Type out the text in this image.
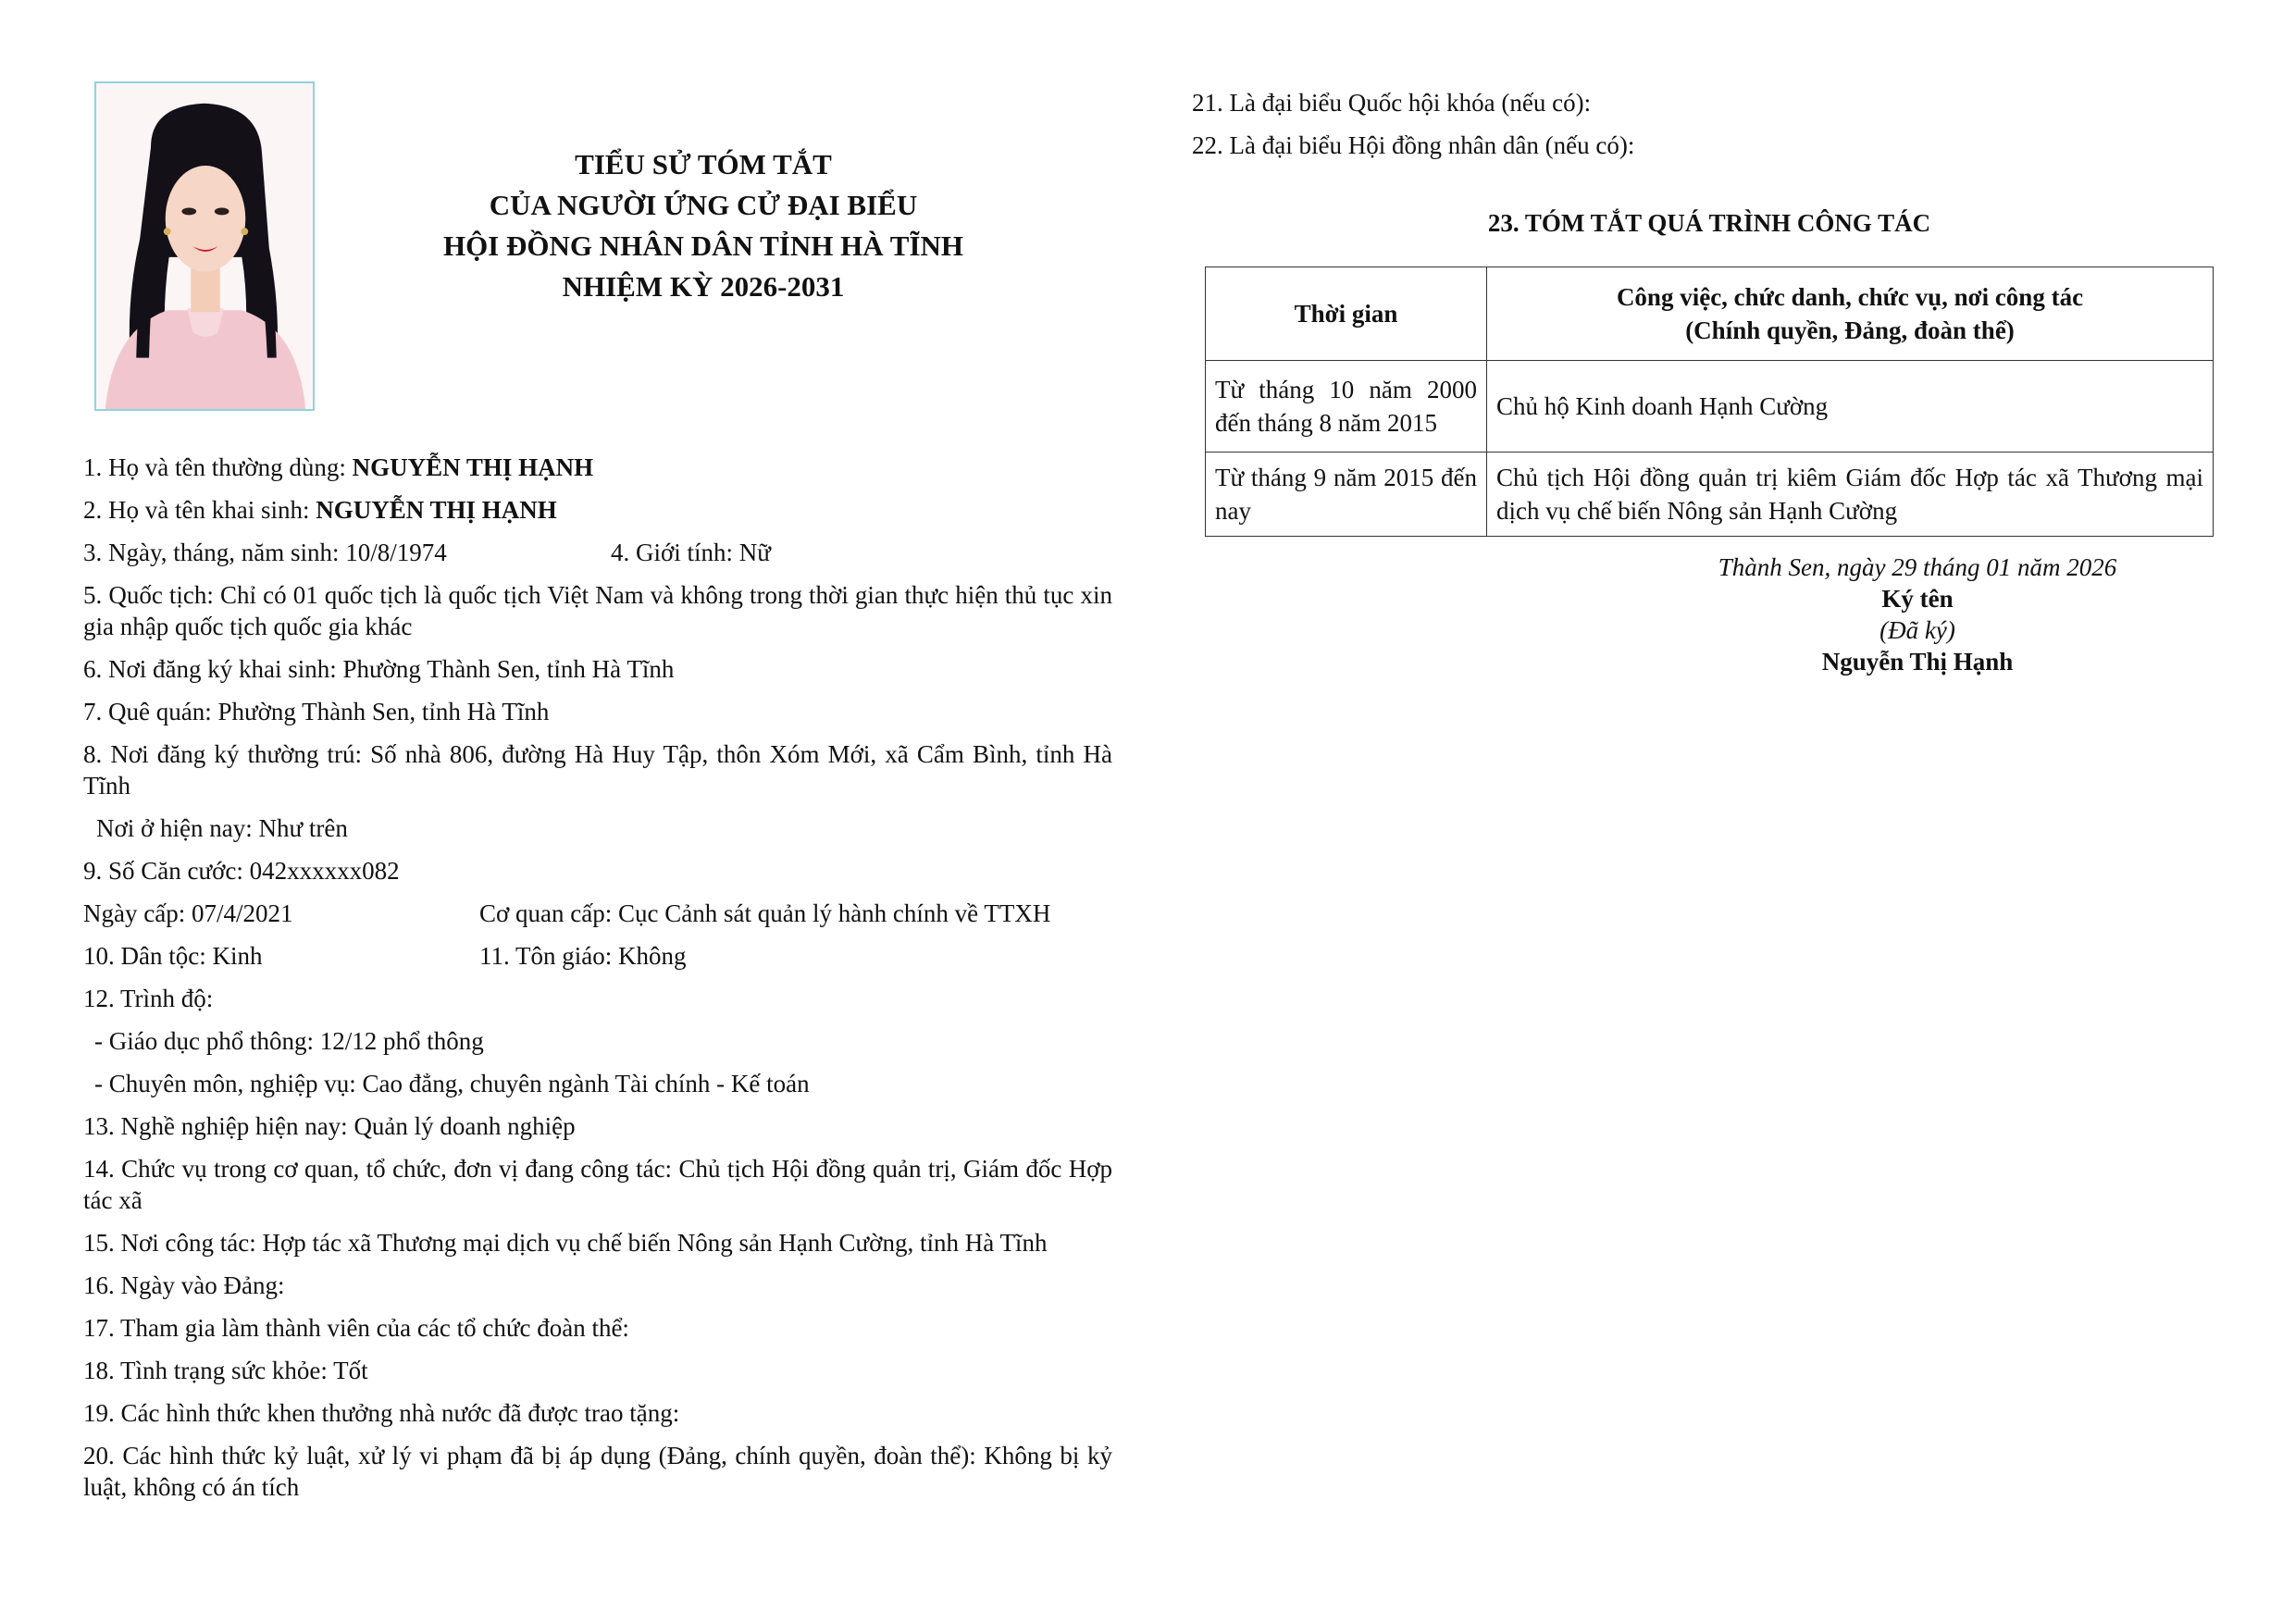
TIỂU SỬ TÓM TẮT
CỦA NGƯỜI ỨNG CỬ ĐẠI BIỂU
HỘI ĐỒNG NHÂN DÂN TỈNH HÀ TĨNH
NHIỆM KỲ 2026-2031
1. Họ và tên thường dùng: NGUYỄN THỊ HẠNH
2. Họ và tên khai sinh: NGUYỄN THỊ HẠNH
3. Ngày, tháng, năm sinh: 10/8/1974	4. Giới tính: Nữ
5. Quốc tịch: Chỉ có 01 quốc tịch là quốc tịch Việt Nam và không trong thời gian thực hiện thủ tục xin gia nhập quốc tịch quốc gia khác
6. Nơi đăng ký khai sinh: Phường Thành Sen, tỉnh Hà Tĩnh
7. Quê quán: Phường Thành Sen, tỉnh Hà Tĩnh
8. Nơi đăng ký thường trú: Số nhà 806, đường Hà Huy Tập, thôn Xóm Mới, xã Cẩm Bình, tỉnh Hà Tĩnh
Nơi ở hiện nay: Như trên
9. Số Căn cước: 042xxxxxx082
Ngày cấp: 07/4/2021	Cơ quan cấp: Cục Cảnh sát quản lý hành chính về TTXH
10. Dân tộc: Kinh	11. Tôn giáo: Không
12. Trình độ:
- Giáo dục phổ thông: 12/12 phổ thông
- Chuyên môn, nghiệp vụ: Cao đẳng, chuyên ngành Tài chính - Kế toán
13. Nghề nghiệp hiện nay: Quản lý doanh nghiệp
14. Chức vụ trong cơ quan, tổ chức, đơn vị đang công tác: Chủ tịch Hội đồng quản trị, Giám đốc Hợp tác xã
15. Nơi công tác: Hợp tác xã Thương mại dịch vụ chế biến Nông sản Hạnh Cường, tỉnh Hà Tĩnh
16. Ngày vào Đảng:
17. Tham gia làm thành viên của các tổ chức đoàn thể:
18. Tình trạng sức khỏe: Tốt
19. Các hình thức khen thưởng nhà nước đã được trao tặng:
20. Các hình thức kỷ luật, xử lý vi phạm đã bị áp dụng (Đảng, chính quyền, đoàn thể): Không bị kỷ luật, không có án tích
21. Là đại biểu Quốc hội khóa (nếu có):
22. Là đại biểu Hội đồng nhân dân (nếu có):
23. TÓM TẮT QUÁ TRÌNH CÔNG TÁC
Thời gian	Công việc, chức danh, chức vụ, nơi công tác
(Chính quyền, Đảng, đoàn thể)

Từ tháng 10 năm 2000 đến tháng 8 năm 2015	Chủ hộ Kinh doanh Hạnh Cường
Từ tháng 9 năm 2015 đến nay	Chủ tịch Hội đồng quản trị kiêm Giám đốc Hợp tác xã Thương mại dịch vụ chế biến Nông sản Hạnh Cường
Thành Sen, ngày 29 tháng 01 năm 2026
Ký tên
(Đã ký)
Nguyễn Thị Hạnh
